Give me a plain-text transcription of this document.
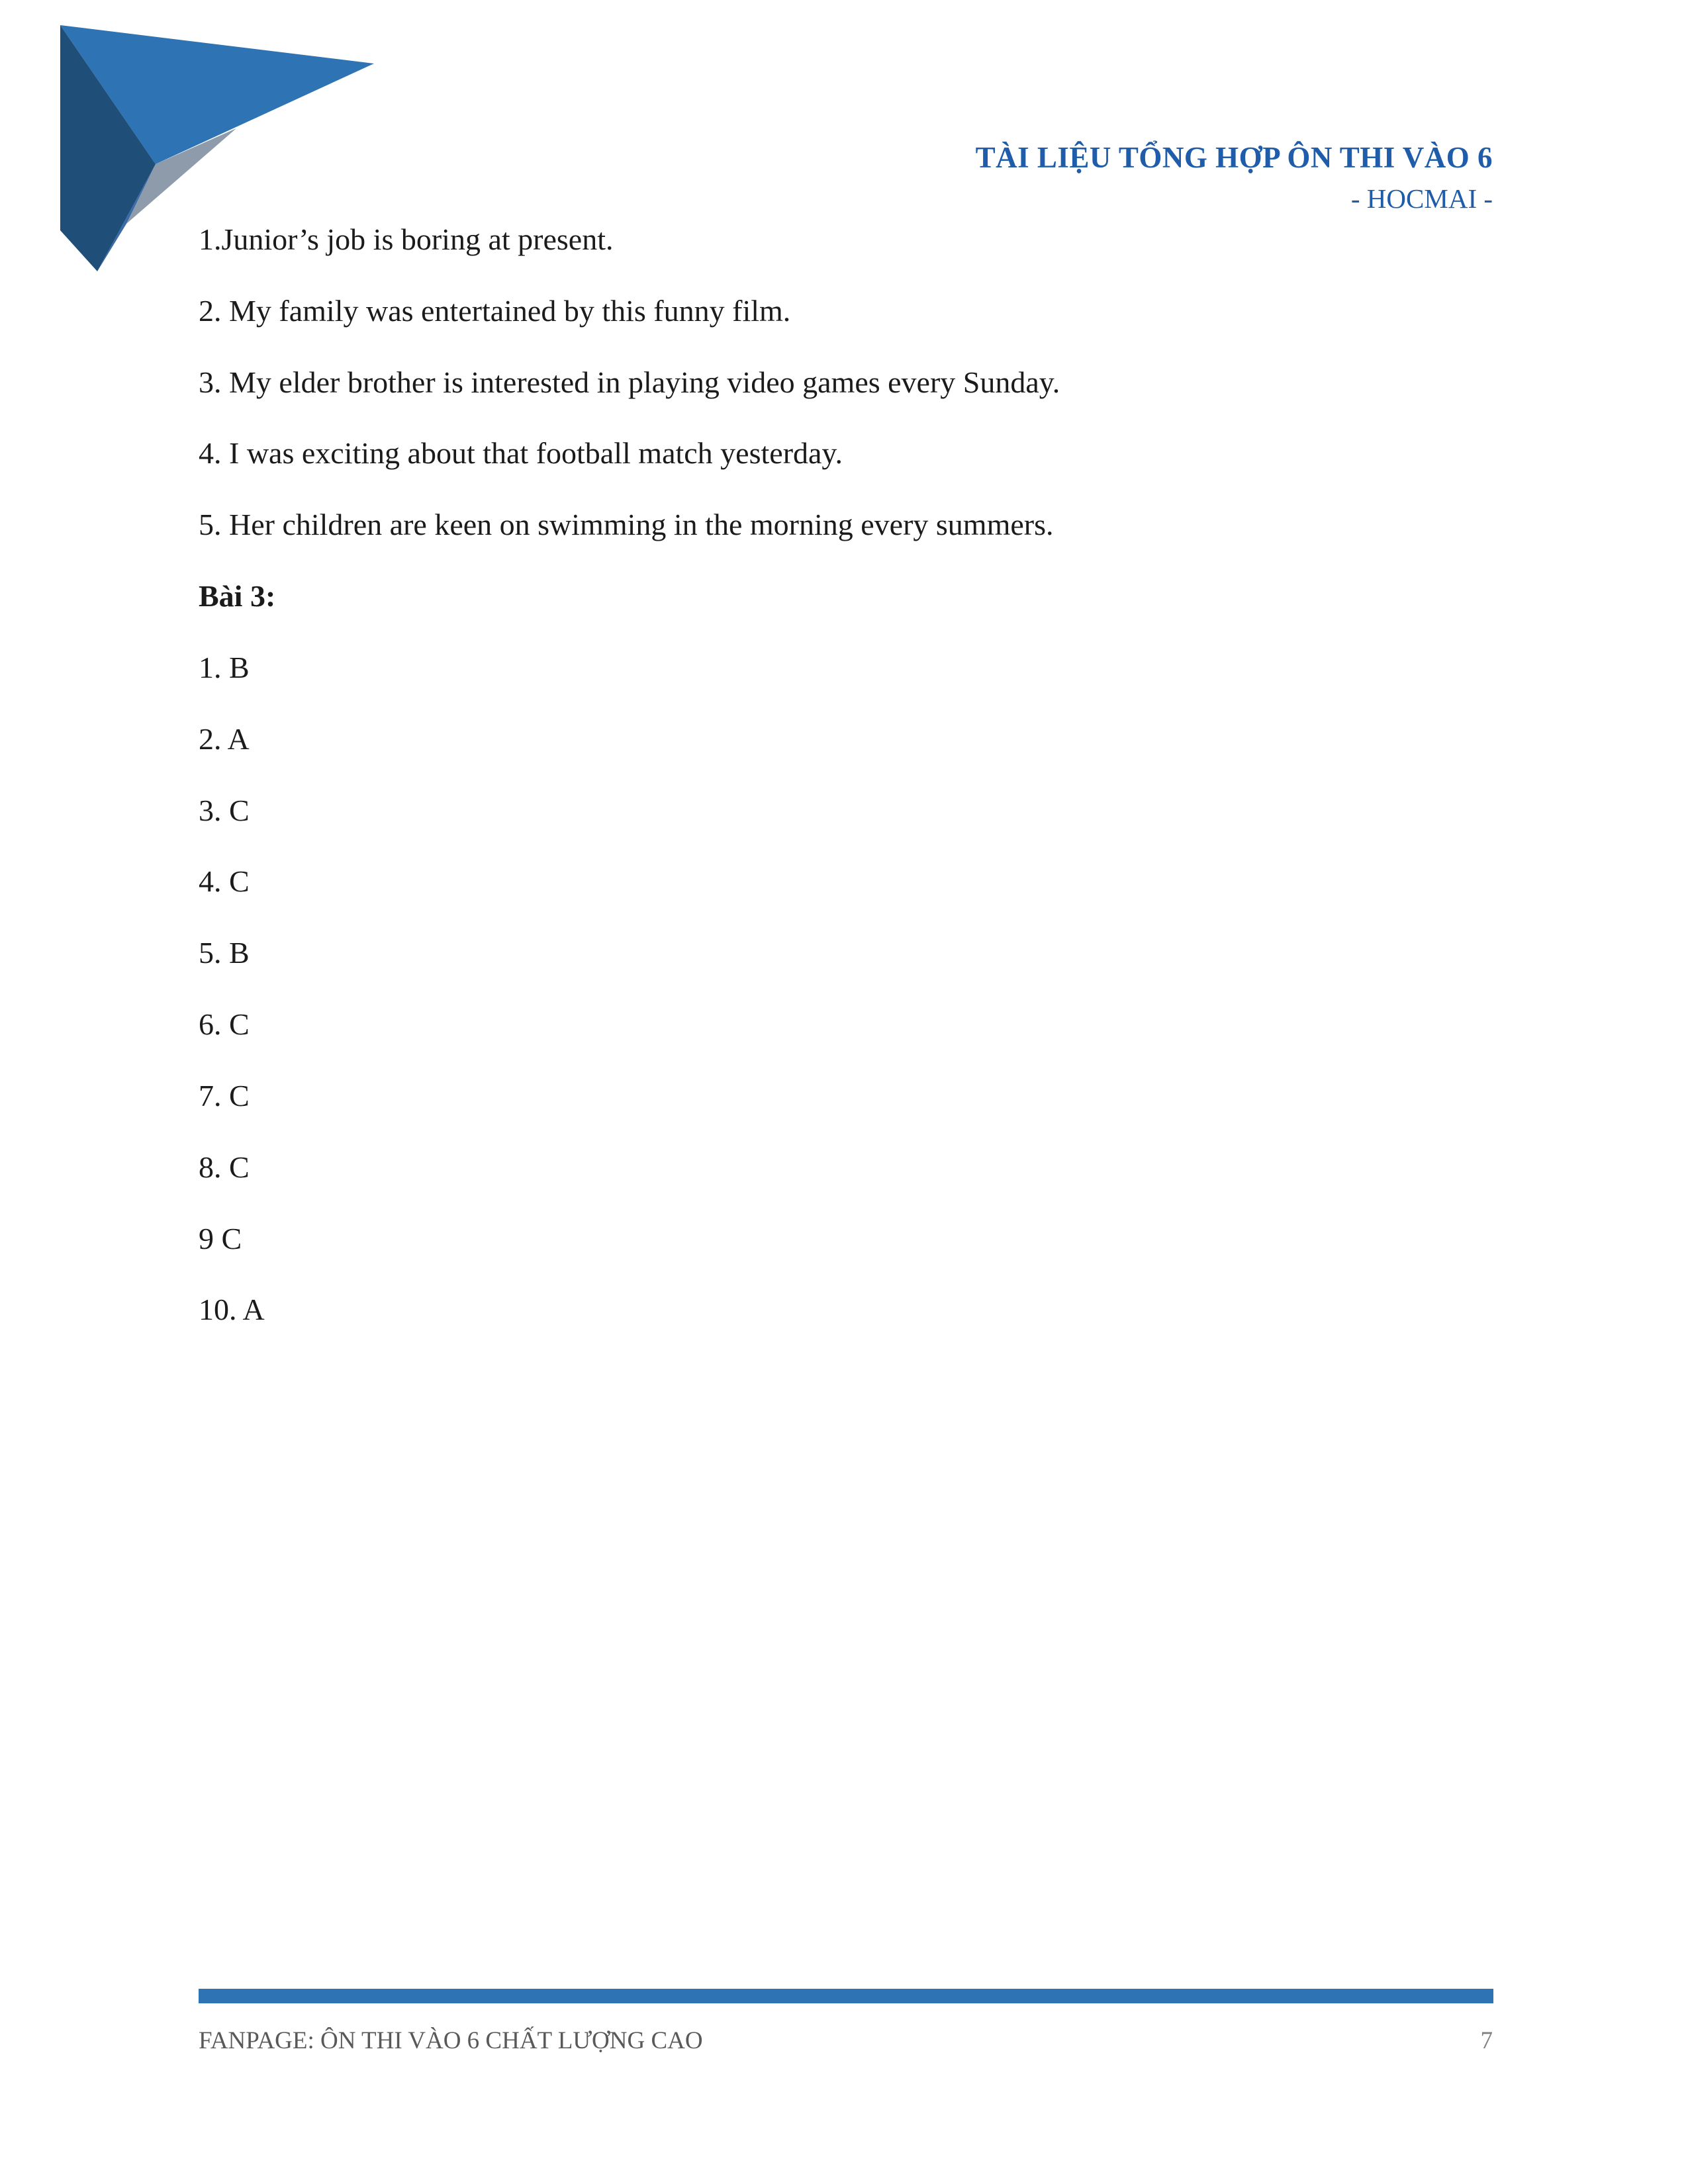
TÀI LIỆU TỔNG HỢP ÔN THI VÀO 6
- HOCMAI -

1.Junior’s job is boring at present.

2. My family was entertained by this funny film.

3. My elder brother is interested in playing video games every Sunday.

4. I was exciting about that football match yesterday.

5. Her children are keen on swimming in the morning every summers.

Bài 3:

1. B

2. A

3. C

4. C

5. B

6. C

7. C

8. C

9 C

10. A

FANPAGE: ÔN THI VÀO 6 CHẤT LƯỢNG CAO	7
